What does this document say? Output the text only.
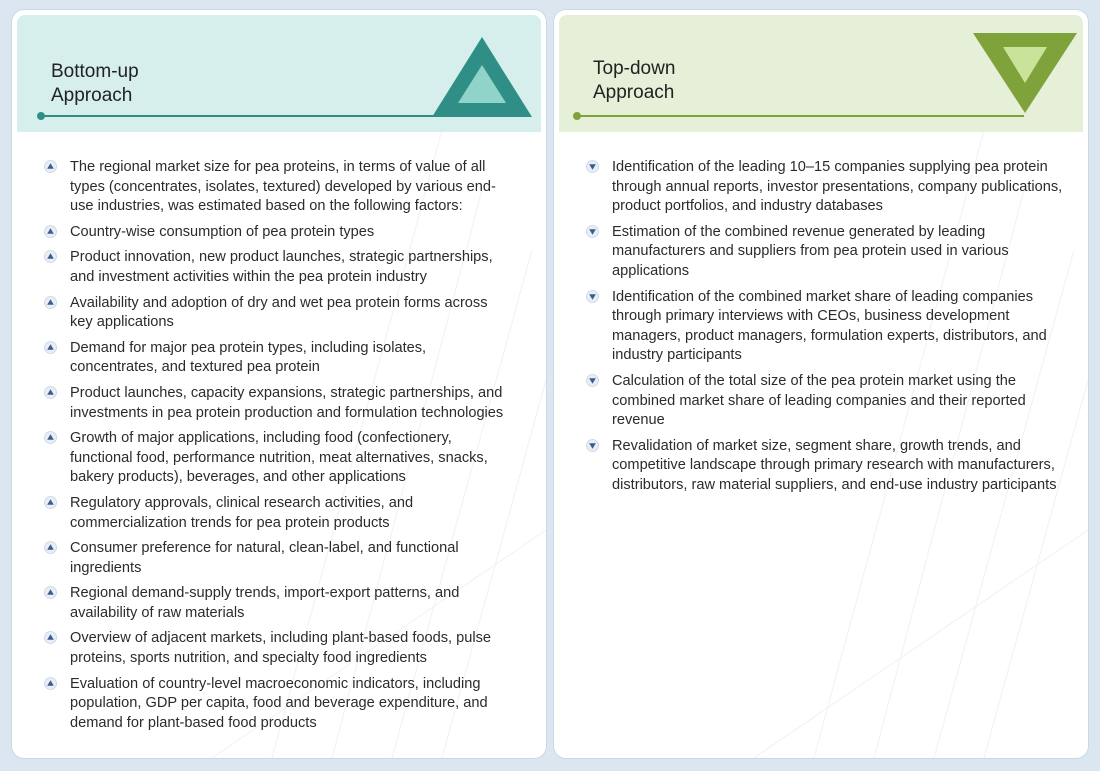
Bottom-up
Approach
The regional market size for pea proteins, in terms of value of all types (concentrates, isolates, textured) developed by various end-use industries, was estimated based on the following factors:
Country-wise consumption of pea protein types
Product innovation, new product launches, strategic partnerships, and investment activities within the pea protein industry
Availability and adoption of dry and wet pea protein forms across key applications
Demand for major pea protein types, including isolates, concentrates, and textured pea protein
Product launches, capacity expansions, strategic partnerships, and investments in pea protein production and formulation technologies
Growth of major applications, including food (confectionery, functional food, performance nutrition, meat alternatives, snacks, bakery products), beverages, and other applications
Regulatory approvals, clinical research activities, and commercialization trends for pea protein products
Consumer preference for natural, clean-label, and functional ingredients
Regional demand-supply trends, import-export patterns, and availability of raw materials
Overview of adjacent markets, including plant-based foods, pulse proteins, sports nutrition, and specialty food ingredients
Evaluation of country-level macroeconomic indicators, including population, GDP per capita, food and beverage expenditure, and demand for plant-based food products
Top-down
Approach
Identification of the leading 10–15 companies supplying pea protein through annual reports, investor presentations, company publications, product portfolios, and industry databases
Estimation of the combined revenue generated by leading manufacturers and suppliers from pea protein used in various applications
Identification of the combined market share of leading companies through primary interviews with CEOs, business development managers, product managers, formulation experts, distributors, and industry participants
Calculation of the total size of the pea protein market using the combined market share of leading companies and their reported revenue
Revalidation of market size, segment share, growth trends, and competitive landscape through primary research with manufacturers, distributors, raw material suppliers, and end-use industry participants
